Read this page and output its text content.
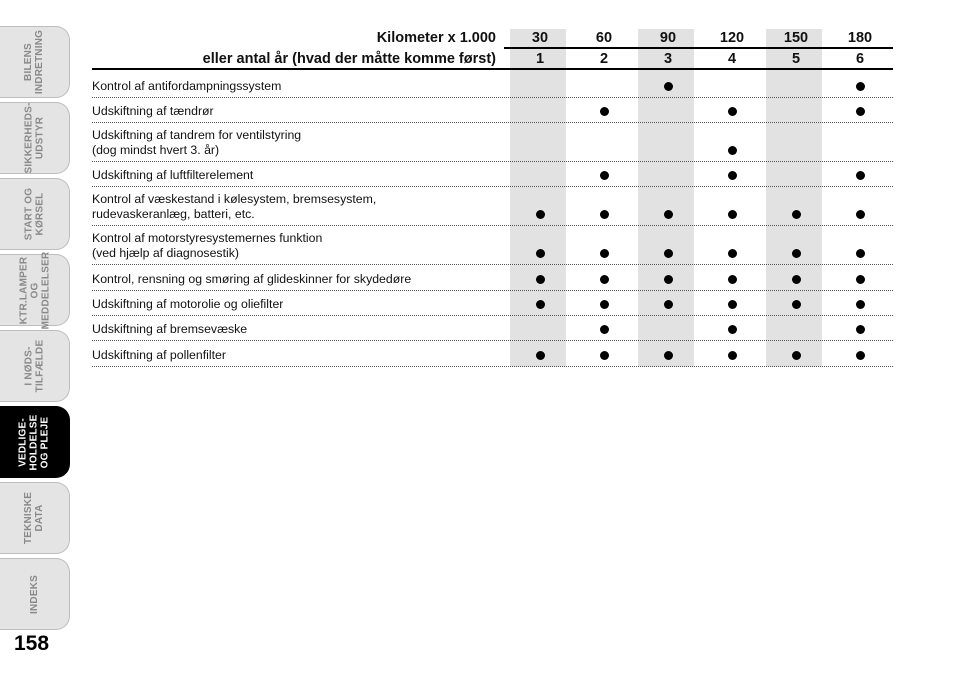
BILENS
INDRETNING
SIKKERHEDS-
UDSTYR
START OG
KØRSEL
KTR.LAMPER
OG
MEDDELELSER
I NØDS-
TILFÆLDE
VEDLIGE-
HOLDELSE
OG PLEJE
TEKNISKE
DATA
INDEKS
158
Kilometer x 1.000
eller antal år (hvad der måtte komme først)
30
1
60
2
90
3
120
4
150
5
180
6
Kontrol af antifordampningssystem
Udskiftning af tændrør
Udskiftning af tandrem for ventilstyring
(dog mindst hvert 3. år)
Udskiftning af luftfilterelement
Kontrol af væskestand i kølesystem, bremsesystem,
rudevaskeranlæg, batteri, etc.
Kontrol af motorstyresystemernes funktion
(ved hjælp af diagnosestik)
Kontrol, rensning og smøring af glideskinner for skydedøre
Udskiftning af motorolie og oliefilter
Udskiftning af bremsevæske
Udskiftning af pollenfilter
